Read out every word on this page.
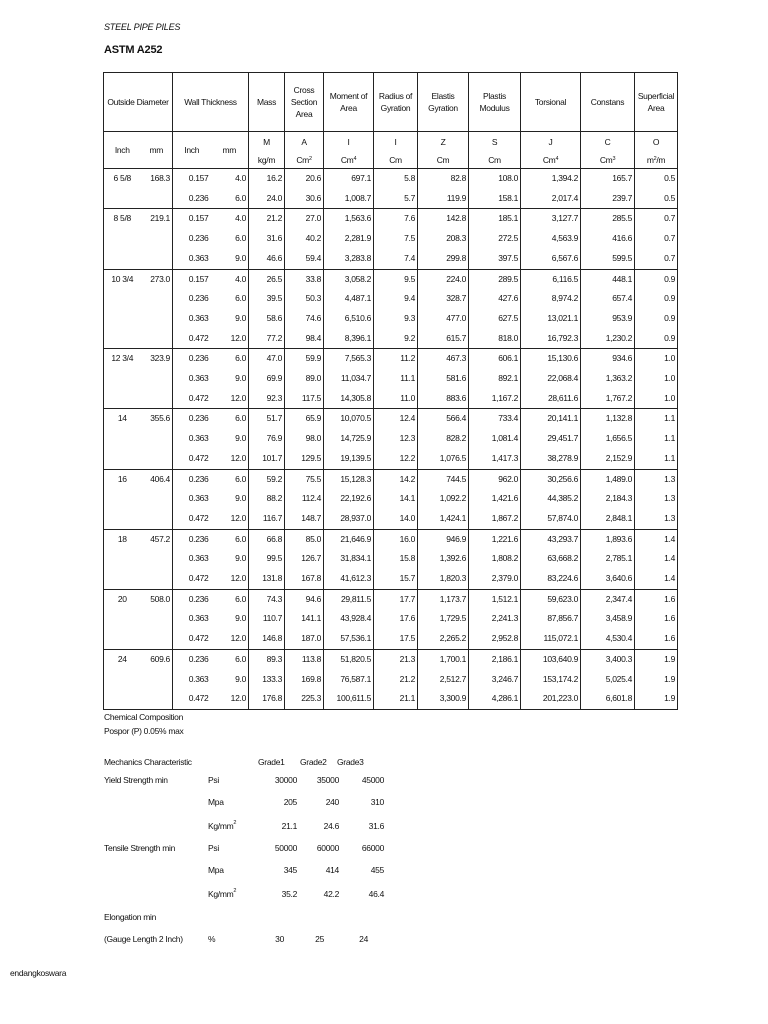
STEEL PIPE PILES
ASTM A252
Outside Diameter		Wall Thickness		Mass	Cross Section Area	Moment of Area	Radius of Gyration	Elastis Gyration	Plastis Modulus	Torsional	Constans	Superficial Area
Inch	mm	Inch	mm	M	A	I	I	Z	S	J	C	O
				kg/m	Cm$^2$	Cm$^4$	Cm	Cm	Cm	Cm$^4$	Cm$^3$	$m^2/m$
6 5/8	168.3	0.157	4.0	16.2	20.6	697.1	5.8	82.8	108.0	1,394.2	165.7	0.5
		0.236	6.0	24.0	30.6	1,008.7	5.7	119.9	158.1	2,017.4	239.7	0.5
8 5/8	219.1	0.157	4.0	21.2	27.0	1,563.6	7.6	142.8	185.1	3,127.7	285.5	0.7
		0.236	6.0	31.6	40.2	2,281.9	7.5	208.3	272.5	4,563.9	416.6	0.7
		0.363	9.0	46.6	59.4	3,283.8	7.4	299.8	397.5	6,567.6	599.5	0.7
10 3/4	273.0	0.157	4.0	26.5	33.8	3,058.2	9.5	224.0	289.5	6,116.5	448.1	0.9
		0.236	6.0	39.5	50.3	4,487.1	9.4	328.7	427.6	8,974.2	657.4	0.9
		0.363	9.0	58.6	74.6	6,510.6	9.3	477.0	627.5	13,021.1	953.9	0.9
		0.472	12.0	77.2	98.4	8,396.1	9.2	615.7	818.0	16,792.3	1,230.2	0.9
12 3/4	323.9	0.236	6.0	47.0	59.9	7,565.3	11.2	467.3	606.1	15,130.6	934.6	1.0
		0.363	9.0	69.9	89.0	11,034.7	11.1	581.6	892.1	22,068.4	1,363.2	1.0
		0.472	12.0	92.3	117.5	14,305.8	11.0	883.6	1,167.2	28,611.6	1,767.2	1.0
14	355.6	0.236	6.0	51.7	65.9	10,070.5	12.4	566.4	733.4	20,141.1	1,132.8	1.1
		0.363	9.0	76.9	98.0	14,725.9	12.3	828.2	1,081.4	29,451.7	1,656.5	1.1
		0.472	12.0	101.7	129.5	19,139.5	12.2	1,076.5	1,417.3	38,278.9	2,152.9	1.1
16	406.4	0.236	6.0	59.2	75.5	15,128.3	14.2	744.5	962.0	30,256.6	1,489.0	1.3
		0.363	9.0	88.2	112.4	22,192.6	14.1	1,092.2	1,421.6	44,385.2	2,184.3	1.3
		0.472	12.0	116.7	148.7	28,937.0	14.0	1,424.1	1,867.2	57,874.0	2,848.1	1.3
18	457.2	0.236	6.0	66.8	85.0	21,646.9	16.0	946.9	1,221.6	43,293.7	1,893.6	1.4
		0.363	9.0	99.5	126.7	31,834.1	15.8	1,392.6	1,808.2	63,668.2	2,785.1	1.4
		0.472	12.0	131.8	167.8	41,612.3	15.7	1,820.3	2,379.0	83,224.6	3,640.6	1.4
20	508.0	0.236	6.0	74.3	94.6	29,811.5	17.7	1,173.7	1,512.1	59,623.0	2,347.4	1.6
		0.363	9.0	110.7	141.1	43,928.4	17.6	1,729.5	2,241.3	87,856.7	3,458.9	1.6
		0.472	12.0	146.8	187.0	57,536.1	17.5	2,265.2	2,952.8	115,072.1	4,530.4	1.6
24	609.6	0.236	6.0	89.3	113.8	51,820.5	21.3	1,700.1	2,186.1	103,640.9	3,400.3	1.9
		0.363	9.0	133.3	169.8	76,587.1	21.2	2,512.7	3,246.7	153,174.2	5,025.4	1.9
		0.472	12.0	176.8	225.3	100,611.5	21.1	3,300.9	4,286.1	201,223.0	6,601.8	1.9
Chemical Composition
Pospor (P) 0.05% max
Mechanics Characteristic	Grade1 Grade2 Grade3
Yield Strength min	Psi	30000	35000	45000
Mpa	205	240	310
$Kg/mm^2$	21.1	24.6	31.6
Tensile Strength min	Psi	50000	60000	66000
Mpa	345	414	455
$Kg/mm^2$	35.2	42.2	46.4
Elongation min
(Gauge Length 2 Inch)	%	30	25	24
endangkoswara
